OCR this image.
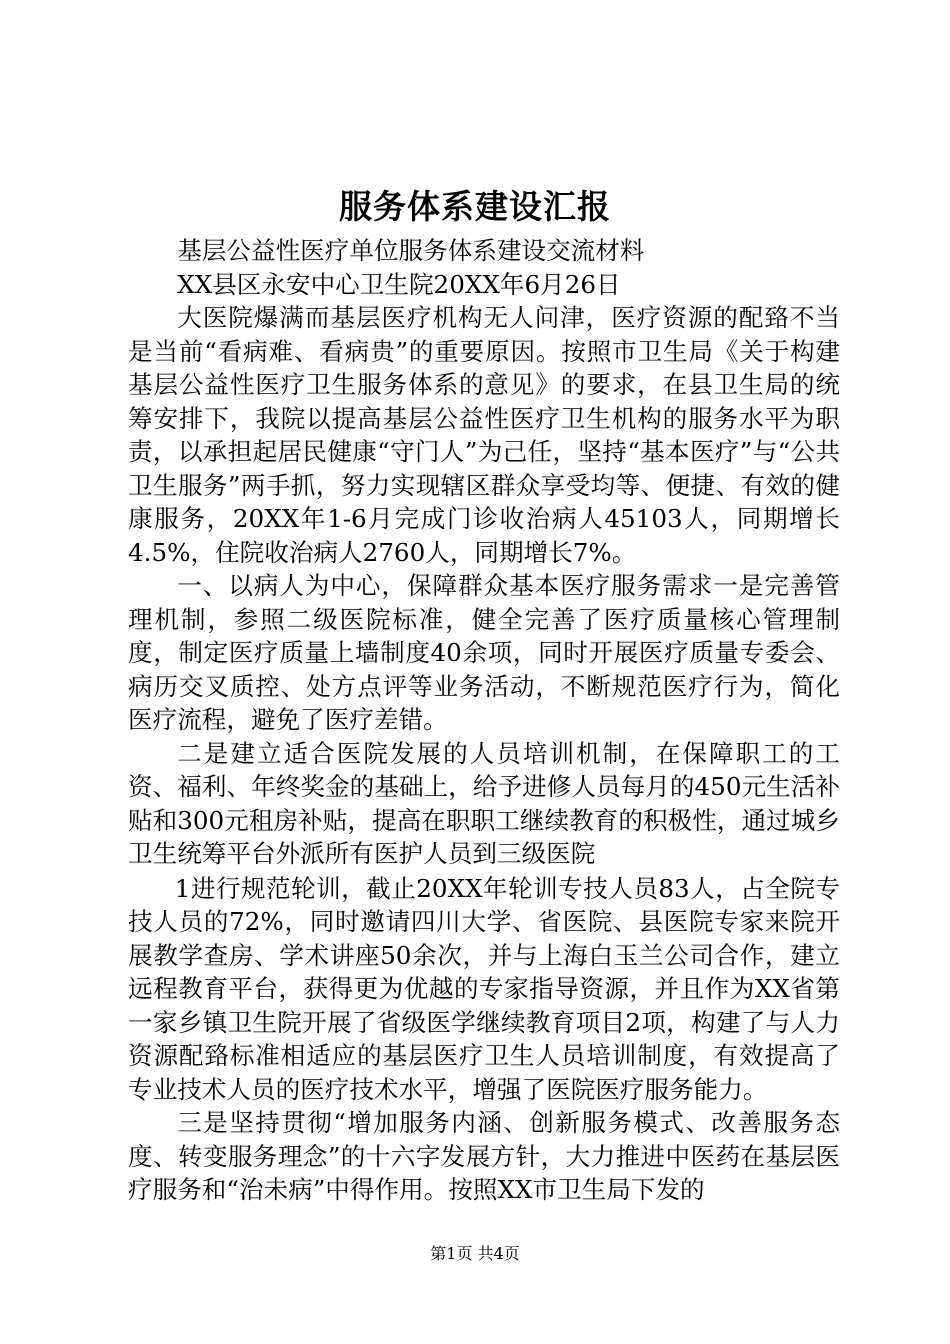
服务体系建设汇报

基层公益性医疗单位服务体系建设交流材料

XX县区永安中心卫生院20XX年6月26日

大医院爆满而基层医疗机构无人问津，医疗资源的配臵不当是当前“看病难、看病贵”的重要原因。按照市卫生局《关于构建基层公益性医疗卫生服务体系的意见》的要求，在县卫生局的统筹安排下，我院以提高基层公益性医疗卫生机构的服务水平为职责，以承担起居民健康“守门人”为己任，坚持“基本医疗”与“公共卫生服务”两手抓，努力实现辖区群众享受均等、便捷、有效的健康服务，20XX年1-6月完成门诊收治病人45103人，同期增长4.5%，住院收治病人2760人，同期增长7%。

一、以病人为中心，保障群众基本医疗服务需求一是完善管理机制，参照二级医院标准，健全完善了医疗质量核心管理制度，制定医疗质量上墙制度40余项，同时开展医疗质量专委会、病历交叉质控、处方点评等业务活动，不断规范医疗行为，简化医疗流程，避免了医疗差错。

二是建立适合医院发展的人员培训机制，在保障职工的工资、福利、年终奖金的基础上，给予进修人员每月的450元生活补贴和300元租房补贴，提高在职职工继续教育的积极性，通过城乡卫生统筹平台外派所有医护人员到三级医院

1进行规范轮训，截止20XX年轮训专技人员83人，占全院专技人员的72%，同时邀请四川大学、省医院、县医院专家来院开展教学查房、学术讲座50余次，并与上海白玉兰公司合作，建立远程教育平台，获得更为优越的专家指导资源，并且作为XX省第一家乡镇卫生院开展了省级医学继续教育项目2项，构建了与人力资源配臵标准相适应的基层医疗卫生人员培训制度，有效提高了专业技术人员的医疗技术水平，增强了医院医疗服务能力。

三是坚持贯彻“增加服务内涵、创新服务模式、改善服务态度、转变服务理念”的十六字发展方针，大力推进中医药在基层医疗服务和“治未病”中得作用。按照XX市卫生局下发的

第1页 共4页
